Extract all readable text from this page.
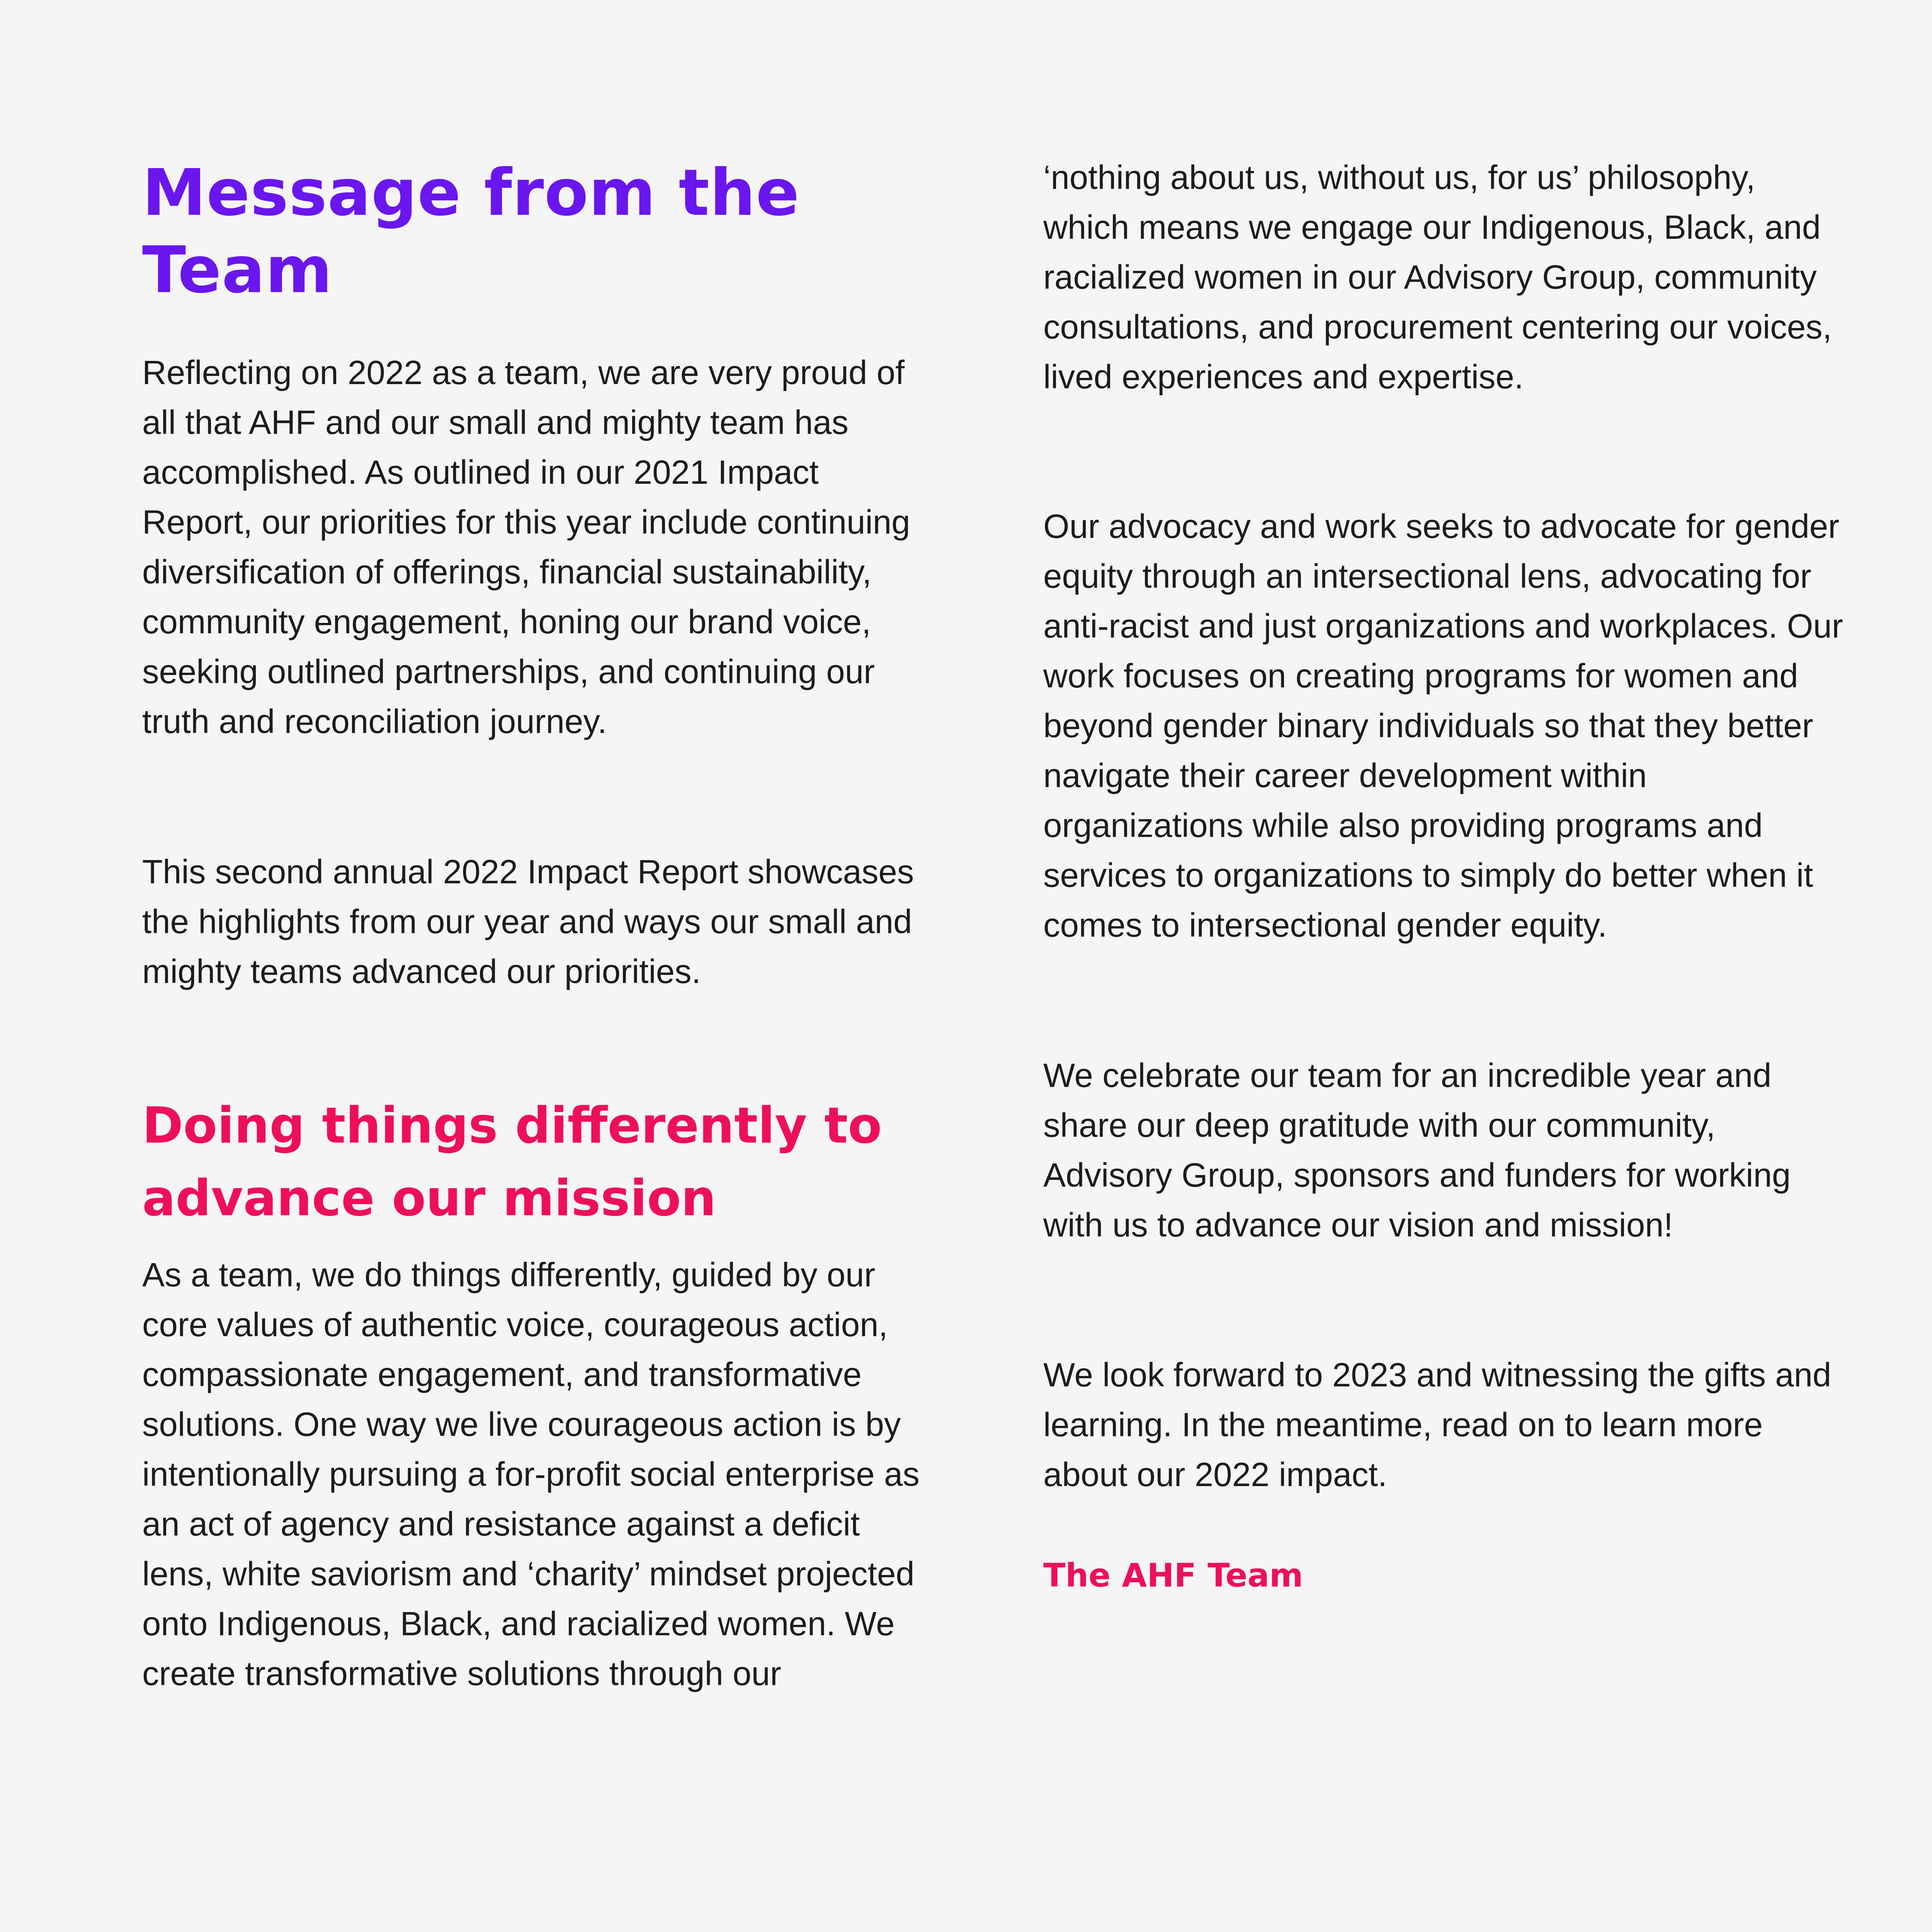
Message from the Team

Reflecting on 2022 as a team, we are very proud of all that AHF and our small and mighty team has accomplished. As outlined in our 2021 Impact Report, our priorities for this year include continuing diversification of offerings, financial sustainability, community engagement, honing our brand voice, seeking outlined partnerships, and continuing our truth and reconciliation journey.

This second annual 2022 Impact Report showcases the highlights from our year and ways our small and mighty teams advanced our priorities.

Doing things differently to advance our mission

As a team, we do things differently, guided by our core values of authentic voice, courageous action, compassionate engagement, and transformative solutions. One way we live courageous action is by intentionally pursuing a for-profit social enterprise as an act of agency and resistance against a deficit lens, white saviorism and ‘charity’ mindset projected onto Indigenous, Black, and racialized women. We create transformative solutions through our

‘nothing about us, without us, for us’ philosophy, which means we engage our Indigenous, Black, and racialized women in our Advisory Group, community consultations, and procurement centering our voices, lived experiences and expertise.

Our advocacy and work seeks to advocate for gender equity through an intersectional lens, advocating for anti-racist and just organizations and workplaces. Our work focuses on creating programs for women and beyond gender binary individuals so that they better navigate their career development within organizations while also providing programs and services to organizations to simply do better when it comes to intersectional gender equity.

We celebrate our team for an incredible year and share our deep gratitude with our community, Advisory Group, sponsors and funders for working with us to advance our vision and mission!

We look forward to 2023 and witnessing the gifts and learning. In the meantime, read on to learn more about our 2022 impact.

The AHF Team
